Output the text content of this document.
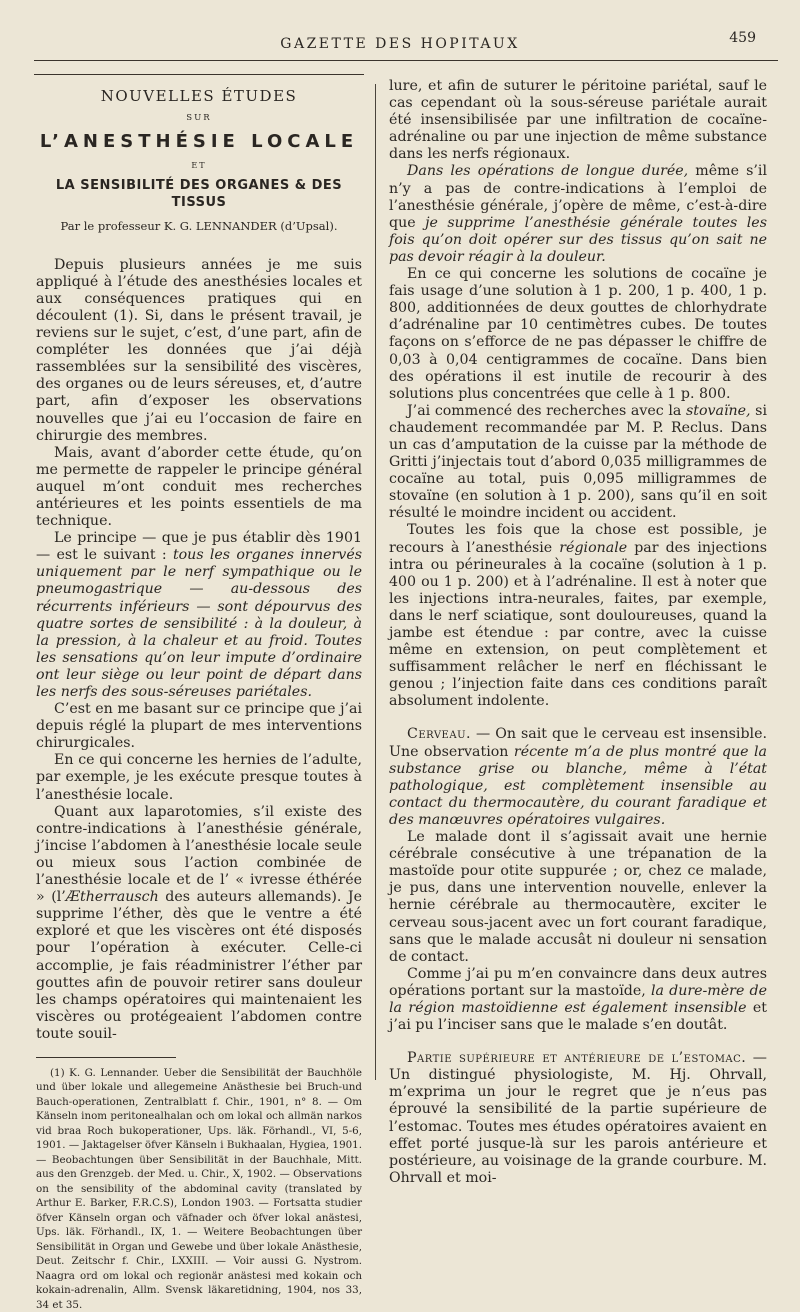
GAZETTE DES HOPITAUX	459
NOUVELLES ÉTUDES
SUR
L’ANESTHÉSIE LOCALE
ET
LA SENSIBILITÉ DES ORGANES & DES TISSUS
Par le professeur K. G. LENNANDER (d’Upsal).

Depuis plusieurs années je me suis appliqué à l’étude des anesthésies locales et aux conséquences pratiques qui en découlent (1). Si, dans le présent travail, je reviens sur le sujet, c’est, d’une part, afin de compléter les données que j’ai déjà rassemblées sur la sensibilité des viscères, des organes ou de leurs séreuses, et, d’autre part, afin d’exposer les observations nouvelles que j’ai eu l’occasion de faire en chirurgie des membres.

Mais, avant d’aborder cette étude, qu’on me permette de rappeler le principe général auquel m’ont conduit mes recherches antérieures et les points essentiels de ma technique.

Le principe — que je pus établir dès 1901 — est le suivant : tous les organes innervés uniquement par le nerf sympathique ou le pneumogastrique — au-dessous des récurrents inférieurs — sont dépourvus des quatre sortes de sensibilité : à la douleur, à la pression, à la chaleur et au froid. Toutes les sensations qu’on leur impute d’ordinaire ont leur siège ou leur point de départ dans les nerfs des sous-séreuses pariétales.

C’est en me basant sur ce principe que j’ai depuis réglé la plupart de mes interventions chirurgicales.

En ce qui concerne les hernies de l’adulte, par exemple, je les exécute presque toutes à l’anesthésie locale.

Quant aux laparotomies, s’il existe des contre-indications à l’anesthésie générale, j’incise l’abdomen à l’anesthésie locale seule ou mieux sous l’action combinée de l’anesthésie locale et de l’ « ivresse éthérée » (l’Ætherrausch des auteurs allemands). Je supprime l’éther, dès que le ventre a été exploré et que les viscères ont été disposés pour l’opération à exécuter. Celle-ci accomplie, je fais réadministrer l’éther par gouttes afin de pouvoir retirer sans douleur les champs opératoires qui maintenaient les viscères ou protégeaient l’abdomen contre toute souil-

(1) K. G. Lennander. Ueber die Sensibilität der Bauchhöle und über lokale und allegemeine Anästhesie bei Bruch-und Bauch-operationen, Zentralblatt f. Chir., 1901, n° 8. — Om Känseln inom peritonealhalan och om lokal och allmän narkos vid braa Roch bukoperationer, Ups. läk. Förhandl., VI, 5-6, 1901. — Jaktagelser öfver Känseln i Bukhaalan, Hygiea, 1901. — Beobachtungen über Sensibilität in der Bauchhale, Mitt. aus den Grenzgeb. der Med. u. Chir., X, 1902. — Observations on the sensibility of the abdominal cavity (translated by Arthur E. Barker, F.R.C.S), London 1903. — Fortsatta studier öfver Känseln organ och väfnader och öfver lokal anästesi, Ups. läk. Förhandl., IX, 1. — Weitere Beobachtungen über Sensibilität in Organ und Gewebe und über lokale Anästhesie, Deut. Zeitschr f. Chir., LXXIII. — Voir aussi G. Nystrom. Naagra ord om lokal och regionär anästesi med kokain och kokain-adrenalin, Allm. Svensk läkaretidning, 1904, nos 33, 34 et 35.

lure, et afin de suturer le péritoine pariétal, sauf le cas cependant où la sous-séreuse pariétale aurait été insensibilisée par une infiltration de cocaïne-adrénaline ou par une injection de même substance dans les nerfs régionaux.

Dans les opérations de longue durée, même s’il n’y a pas de contre-indications à l’emploi de l’anesthésie générale, j’opère de même, c’est-à-dire que je supprime l’anesthésie générale toutes les fois qu’on doit opérer sur des tissus qu’on sait ne pas devoir réagir à la douleur.

En ce qui concerne les solutions de cocaïne je fais usage d’une solution à 1 p. 200, 1 p. 400, 1 p. 800, additionnées de deux gouttes de chlorhydrate d’adrénaline par 10 centimètres cubes. De toutes façons on s’efforce de ne pas dépasser le chiffre de 0,03 à 0,04 centigrammes de cocaïne. Dans bien des opérations il est inutile de recourir à des solutions plus concentrées que celle à 1 p. 800.

J’ai commencé des recherches avec la stovaïne, si chaudement recommandée par M. P. Reclus. Dans un cas d’amputation de la cuisse par la méthode de Gritti j’injectais tout d’abord 0,035 milligrammes de cocaïne au total, puis 0,095 milligrammes de stovaïne (en solution à 1 p. 200), sans qu’il en soit résulté le moindre incident ou accident.

Toutes les fois que la chose est possible, je recours à l’anesthésie régionale par des injections intra ou périneurales à la cocaïne (solution à 1 p. 400 ou 1 p. 200) et à l’adrénaline. Il est à noter que les injections intra-neurales, faites, par exemple, dans le nerf sciatique, sont douloureuses, quand la jambe est étendue : par contre, avec la cuisse même en extension, on peut complètement et suffisamment relâcher le nerf en fléchissant le genou ; l’injection faite dans ces conditions paraît absolument indolente.

Cerveau. — On sait que le cerveau est insensible. Une observation récente m’a de plus montré que la substance grise ou blanche, même à l’état pathologique, est complètement insensible au contact du thermocautère, du courant faradique et des manœuvres opératoires vulgaires.

Le malade dont il s’agissait avait une hernie cérébrale consécutive à une trépanation de la mastoïde pour otite suppurée ; or, chez ce malade, je pus, dans une intervention nouvelle, enlever la hernie cérébrale au thermocautère, exciter le cerveau sous-jacent avec un fort courant faradique, sans que le malade accusât ni douleur ni sensation de contact.

Comme j’ai pu m’en convaincre dans deux autres opérations portant sur la mastoïde, la dure-mère de la région mastoïdienne est également insensible et j’ai pu l’inciser sans que le malade s’en doutât.

Partie supérieure et antérieure de l’estomac. — Un distingué physiologiste, M. Hj. Ohrvall, m’exprima un jour le regret que je n’eus pas éprouvé la sensibilité de la partie supérieure de l’estomac. Toutes mes études opératoires avaient en effet porté jusque-là sur les parois antérieure et postérieure, au voisinage de la grande courbure. M. Ohrvall et moi-
